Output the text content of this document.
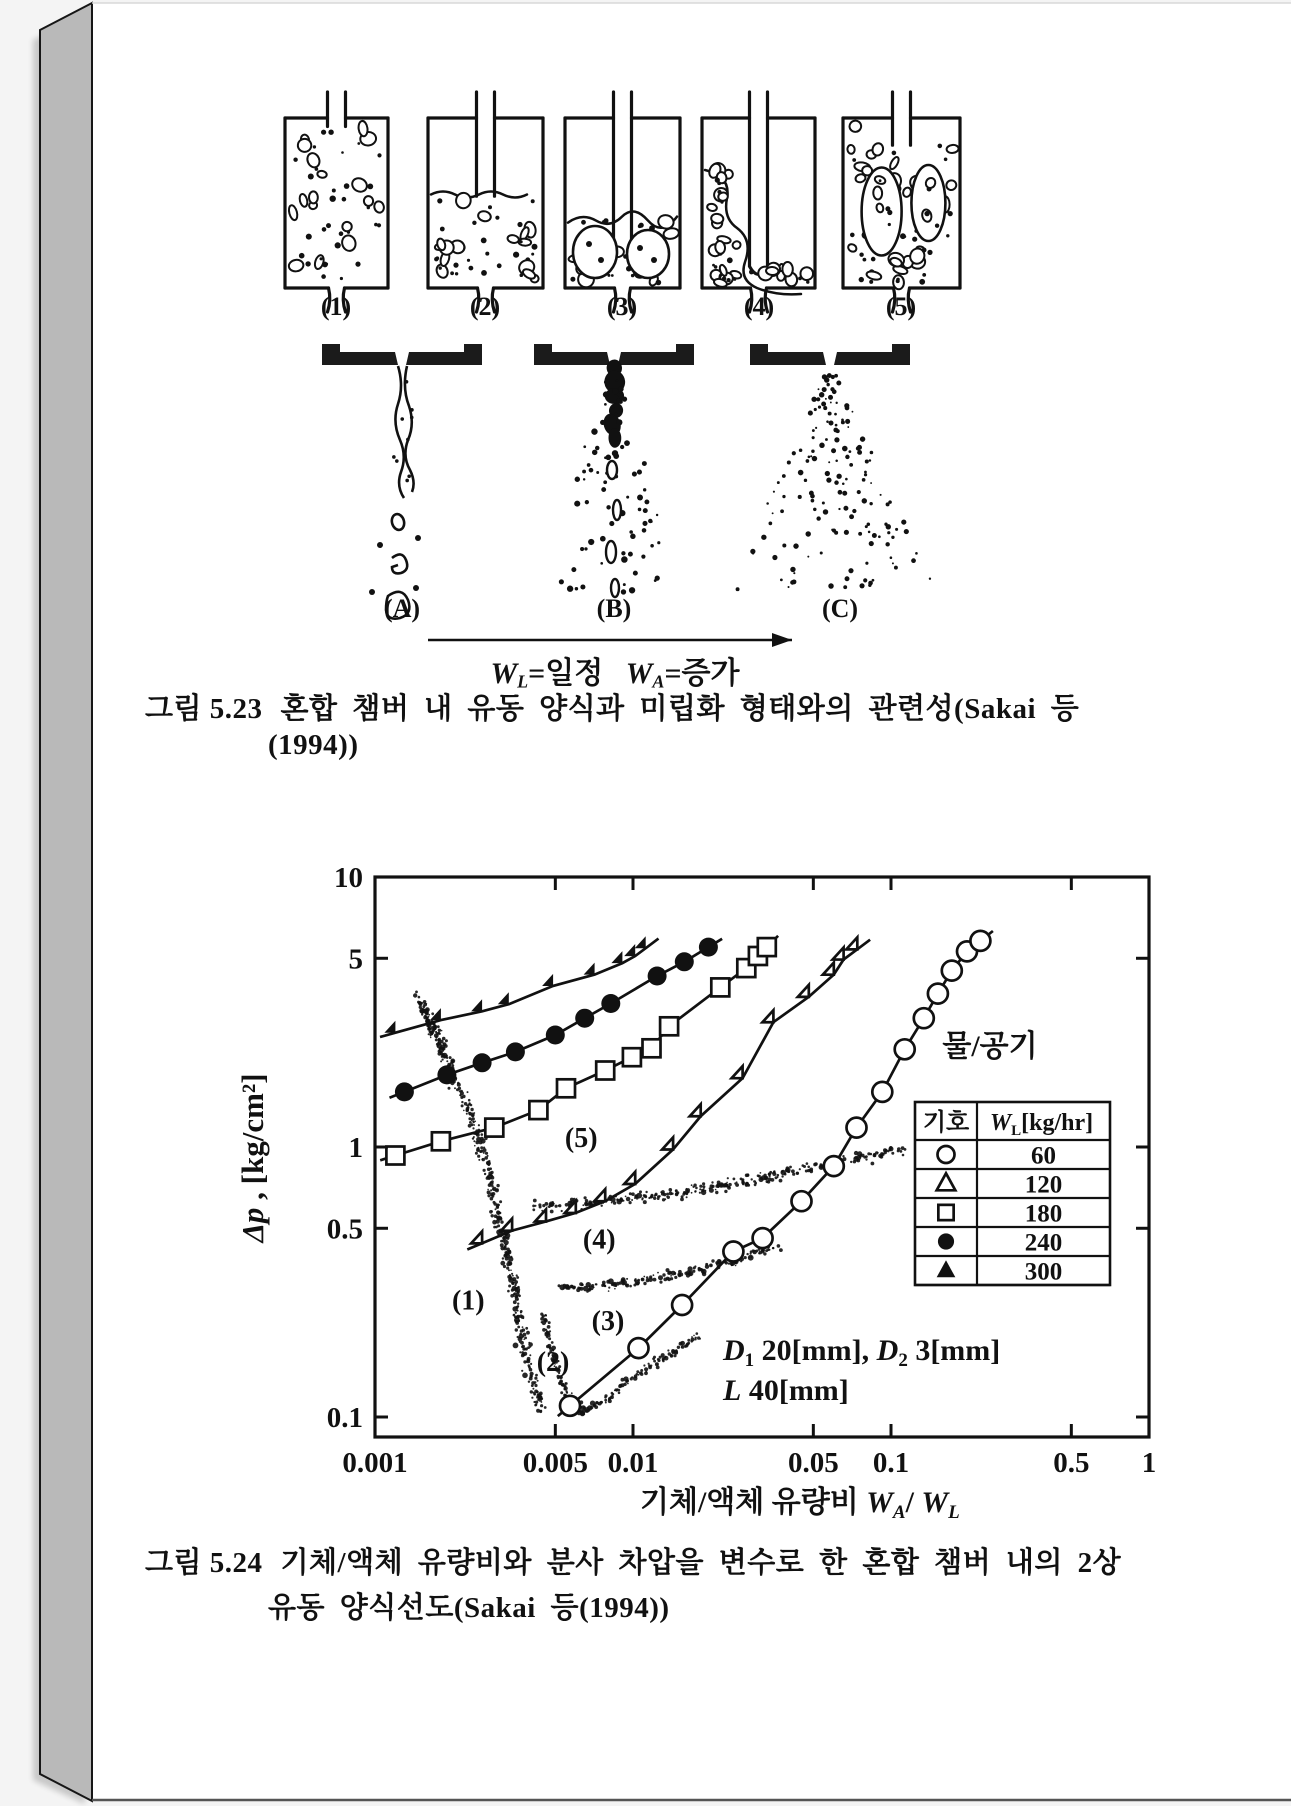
0.001	0.005 0.01	0.05 0.1	0.5 1
10
5
1
0.5
0.1
Δp , [kg/cm²]
기체/액체 유량비 $W_A/$ $W_L$
(1)
(2)
(3)
(4)
(5)
물/공기
$D_1$ 20[mm], $D_2$ 3[mm]
L 40[mm]
기호 $W_L[kg/hr]$
60
120
180
240
300
(1)	(2)	(3)	(4)	(5)
(A)	(B)	(C)
$W_L=$일정 $W_A=$증가
그림 5.23 혼합 챔버 내 유동 양식과 미립화 형태와의 관련성(Sakai 등
(1994))
그림 5.24 기체/액체 유량비와 분사 차압을 변수로 한 혼합 챔버 내의 2상
유동 양식선도(Sakai 등(1994))
